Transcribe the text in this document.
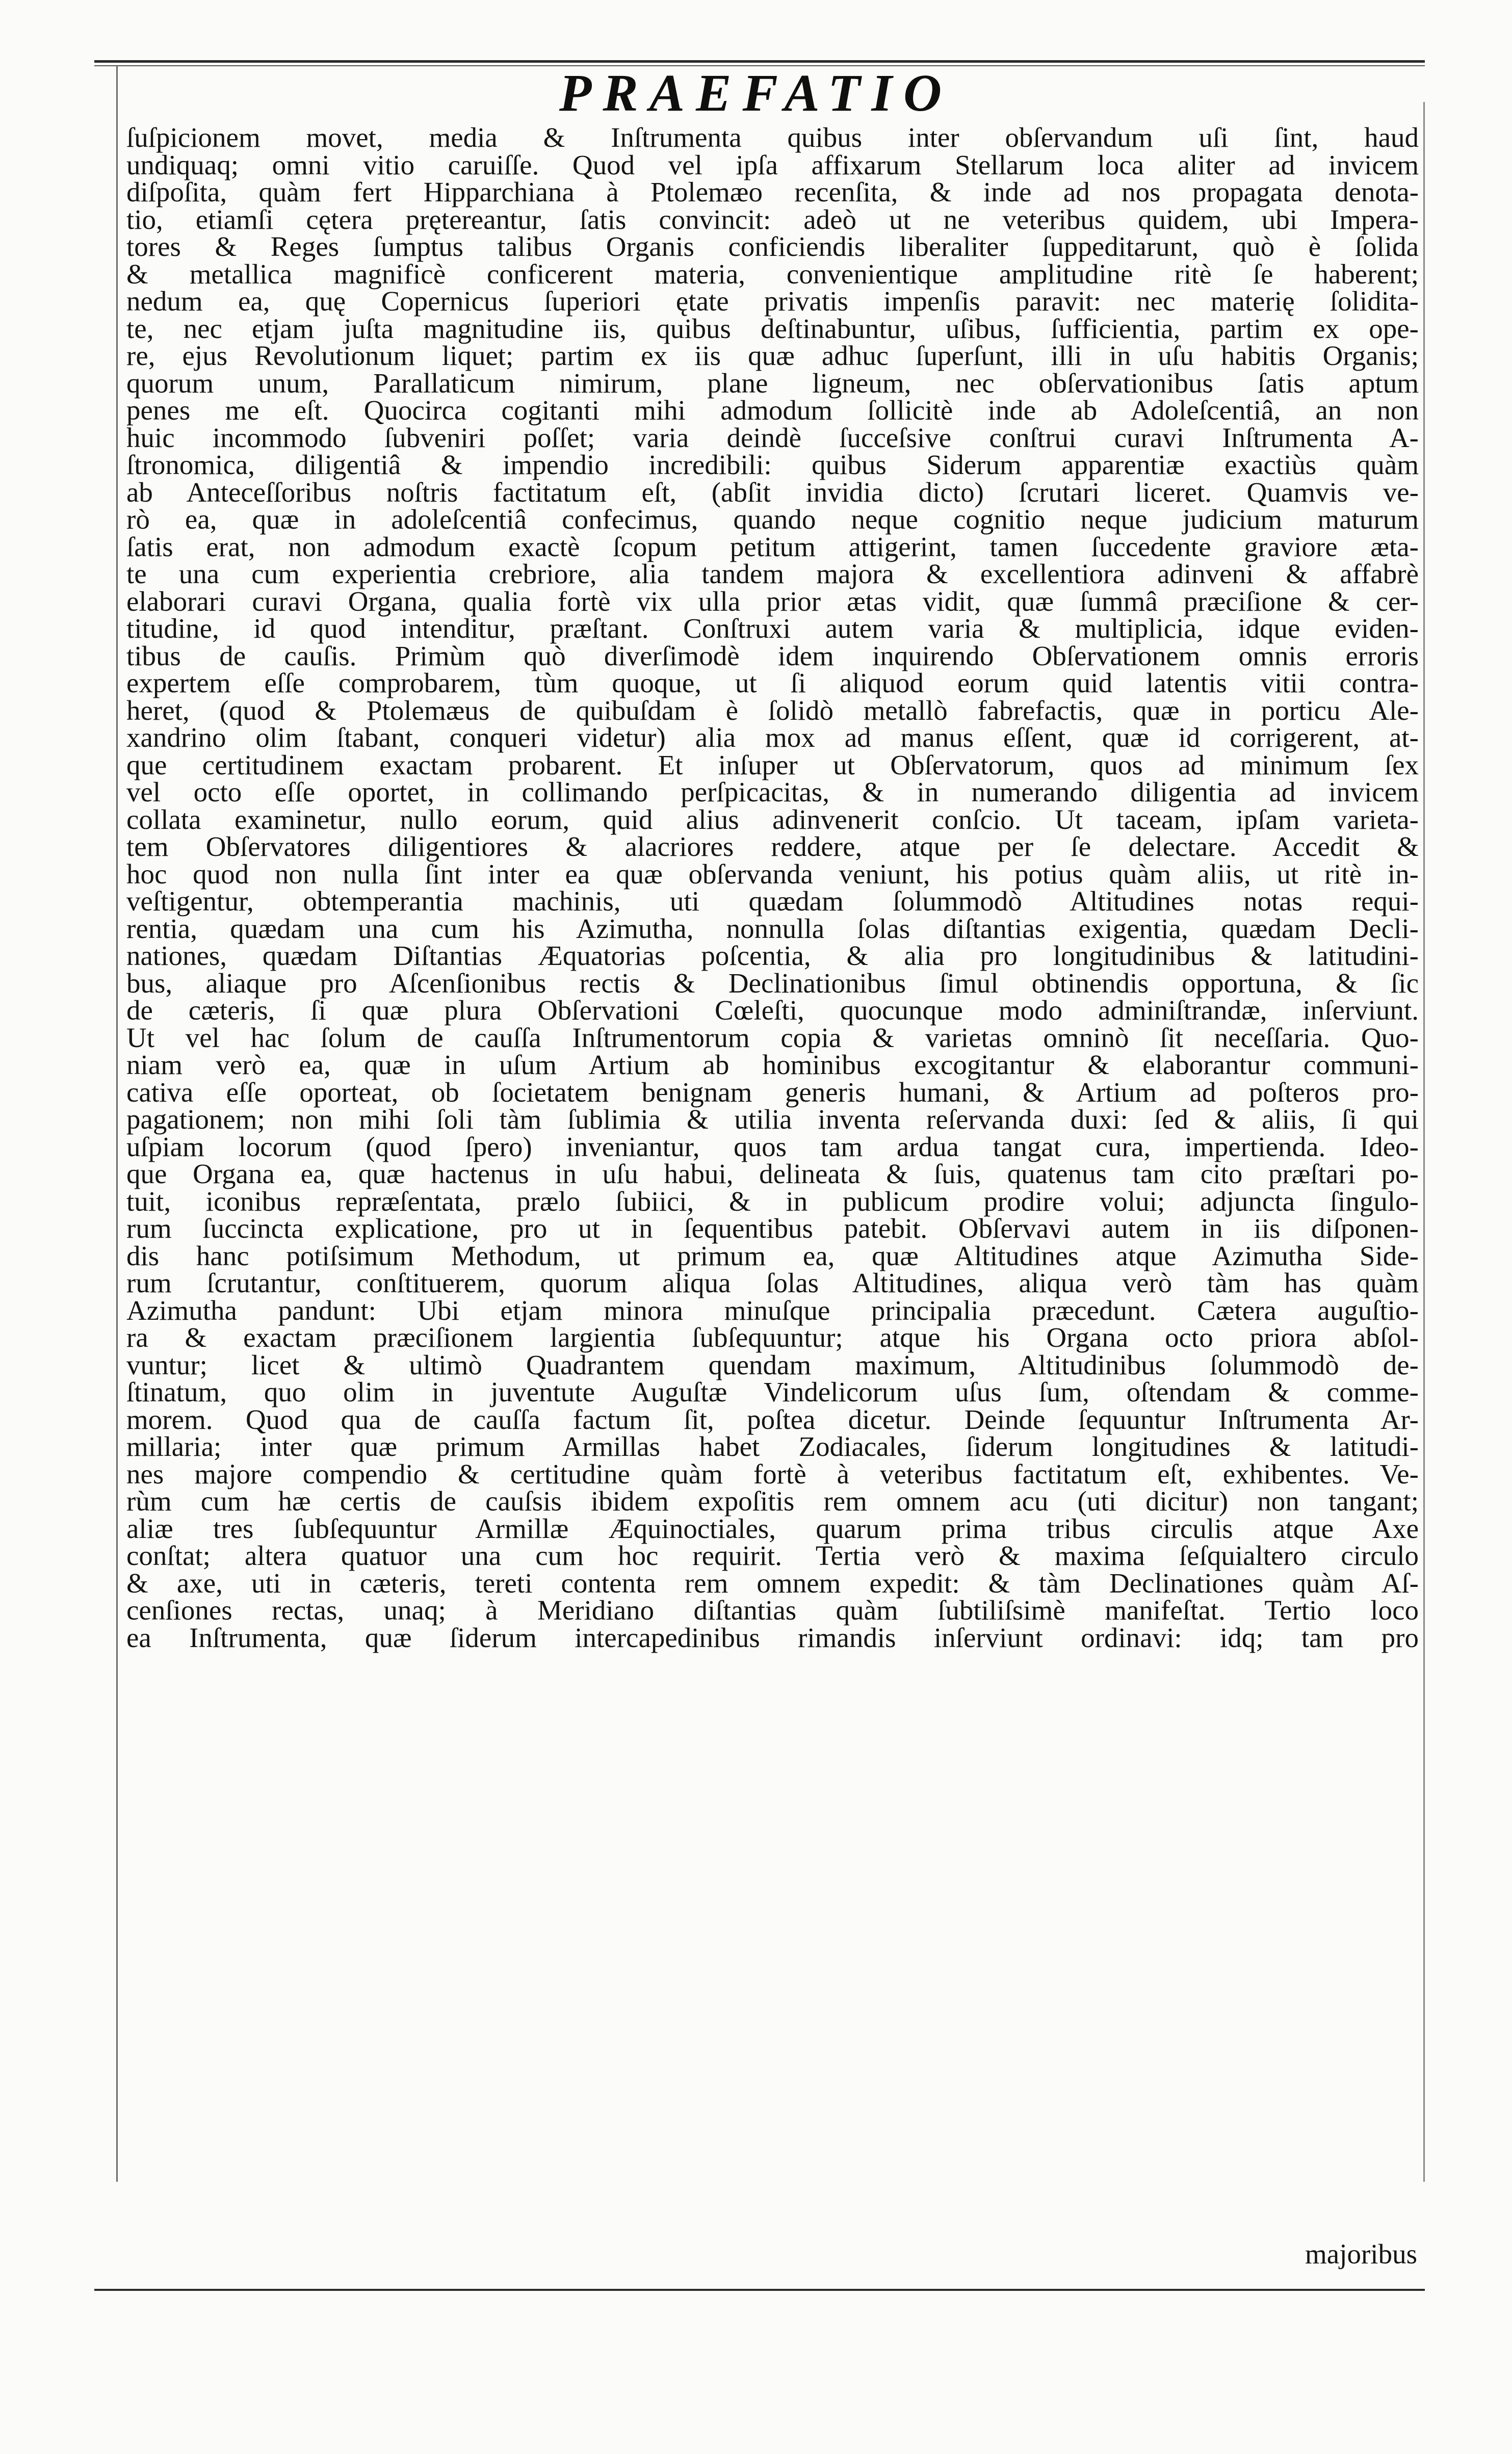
PRAEFATIO
ſuſpicionem movet, media & Inſtrumenta quibus inter obſervandum uſi ſint, haud
undiquaq; omni vitio caruiſſe. Quod vel ipſa affixarum Stellarum loca aliter ad invicem
diſpoſita, quàm fert Hipparchiana à Ptolemæo recenſita, & inde ad nos propagata denota-
tio, etiamſi cętera prętereantur, ſatis convincit: adeò ut ne veteribus quidem, ubi Impera-
tores & Reges ſumptus talibus Organis conficiendis liberaliter ſuppeditarunt, quò è ſolida
& metallica magnificè conficerent materia, convenientique amplitudine ritè ſe haberent;
nedum ea, quę Copernicus ſuperiori ętate privatis impenſis paravit: nec materię ſolidita-
te, nec etjam juſta magnitudine iis, quibus deſtinabuntur, uſibus, ſufficientia, partim ex ope-
re, ejus Revolutionum liquet; partim ex iis quæ adhuc ſuperſunt, illi in uſu habitis Organis;
quorum unum, Parallaticum nimirum, plane ligneum, nec obſervationibus ſatis aptum
penes me eſt. Quocirca cogitanti mihi admodum ſollicitè inde ab Adoleſcentiâ, an non
huic incommodo ſubveniri poſſet; varia deindè ſucceſsive conſtrui curavi Inſtrumenta A-
ſtronomica, diligentiâ & impendio incredibili: quibus Siderum apparentiæ exactiùs quàm
ab Anteceſſoribus noſtris factitatum eſt, (abſit invidia dicto) ſcrutari liceret. Quamvis ve-
rò ea, quæ in adoleſcentiâ confecimus, quando neque cognitio neque judicium maturum
ſatis erat, non admodum exactè ſcopum petitum attigerint, tamen ſuccedente graviore æta-
te una cum experientia crebriore, alia tandem majora & excellentiora adinveni & affabrè
elaborari curavi Organa, qualia fortè vix ulla prior ætas vidit, quæ ſummâ præciſione & cer-
titudine, id quod intenditur, præſtant. Conſtruxi autem varia & multiplicia, idque eviden-
tibus de cauſis. Primùm quò diverſimodè idem inquirendo Obſervationem omnis erroris
expertem eſſe comprobarem, tùm quoque, ut ſi aliquod eorum quid latentis vitii contra-
heret, (quod & Ptolemæus de quibuſdam è ſolidò metallò fabrefactis, quæ in porticu Ale-
xandrino olim ſtabant, conqueri videtur) alia mox ad manus eſſent, quæ id corrigerent, at-
que certitudinem exactam probarent. Et inſuper ut Obſervatorum, quos ad minimum ſex
vel octo eſſe oportet, in collimando perſpicacitas, & in numerando diligentia ad invicem
collata examinetur, nullo eorum, quid alius adinvenerit conſcio. Ut taceam, ipſam varieta-
tem Obſervatores diligentiores & alacriores reddere, atque per ſe delectare. Accedit &
hoc quod non nulla ſint inter ea quæ obſervanda veniunt, his potius quàm aliis, ut ritè in-
veſtigentur, obtemperantia machinis, uti quædam ſolummodò Altitudines notas requi-
rentia, quædam una cum his Azimutha, nonnulla ſolas diſtantias exigentia, quædam Decli-
nationes, quædam Diſtantias Æquatorias poſcentia, & alia pro longitudinibus & latitudini-
bus, aliaque pro Aſcenſionibus rectis & Declinationibus ſimul obtinendis opportuna, & ſic
de cæteris, ſi quæ plura Obſervationi Cœleſti, quocunque modo adminiſtrandæ, inſerviunt.
Ut vel hac ſolum de cauſſa Inſtrumentorum copia & varietas omninò ſit neceſſaria. Quo-
niam verò ea, quæ in uſum Artium ab hominibus excogitantur & elaborantur communi-
cativa eſſe oporteat, ob ſocietatem benignam generis humani, & Artium ad poſteros pro-
pagationem; non mihi ſoli tàm ſublimia & utilia inventa reſervanda duxi: ſed & aliis, ſi qui
uſpiam locorum (quod ſpero) inveniantur, quos tam ardua tangat cura, impertienda. Ideo-
que Organa ea, quæ hactenus in uſu habui, delineata & ſuis, quatenus tam cito præſtari po-
tuit, iconibus repræſentata, prælo ſubiici, & in publicum prodire volui; adjuncta ſingulo-
rum ſuccincta explicatione, pro ut in ſequentibus patebit. Obſervavi autem in iis diſponen-
dis hanc potiſsimum Methodum, ut primum ea, quæ Altitudines atque Azimutha Side-
rum ſcrutantur, conſtituerem, quorum aliqua ſolas Altitudines, aliqua verò tàm has quàm
Azimutha pandunt: Ubi etjam minora minuſque principalia præcedunt. Cætera auguſtio-
ra & exactam præciſionem largientia ſubſequuntur; atque his Organa octo priora abſol-
vuntur; licet & ultimò Quadrantem quendam maximum, Altitudinibus ſolummodò de-
ſtinatum, quo olim in juventute Auguſtæ Vindelicorum uſus ſum, oſtendam & comme-
morem. Quod qua de cauſſa factum ſit, poſtea dicetur. Deinde ſequuntur Inſtrumenta Ar-
millaria; inter quæ primum Armillas habet Zodiacales, ſiderum longitudines & latitudi-
nes majore compendio & certitudine quàm fortè à veteribus factitatum eſt, exhibentes. Ve-
rùm cum hæ certis de cauſsis ibidem expoſitis rem omnem acu (uti dicitur) non tangant;
aliæ tres ſubſequuntur Armillæ Æquinoctiales, quarum prima tribus circulis atque Axe
conſtat; altera quatuor una cum hoc requirit. Tertia verò & maxima ſeſquialtero circulo
& axe, uti in cæteris, tereti contenta rem omnem expedit: & tàm Declinationes quàm Aſ-
cenſiones rectas, unaq; à Meridiano diſtantias quàm ſubtiliſsimè manifeſtat. Tertio loco
ea Inſtrumenta, quæ ſiderum intercapedinibus rimandis inſerviunt ordinavi: idq; tam pro
majoribus
